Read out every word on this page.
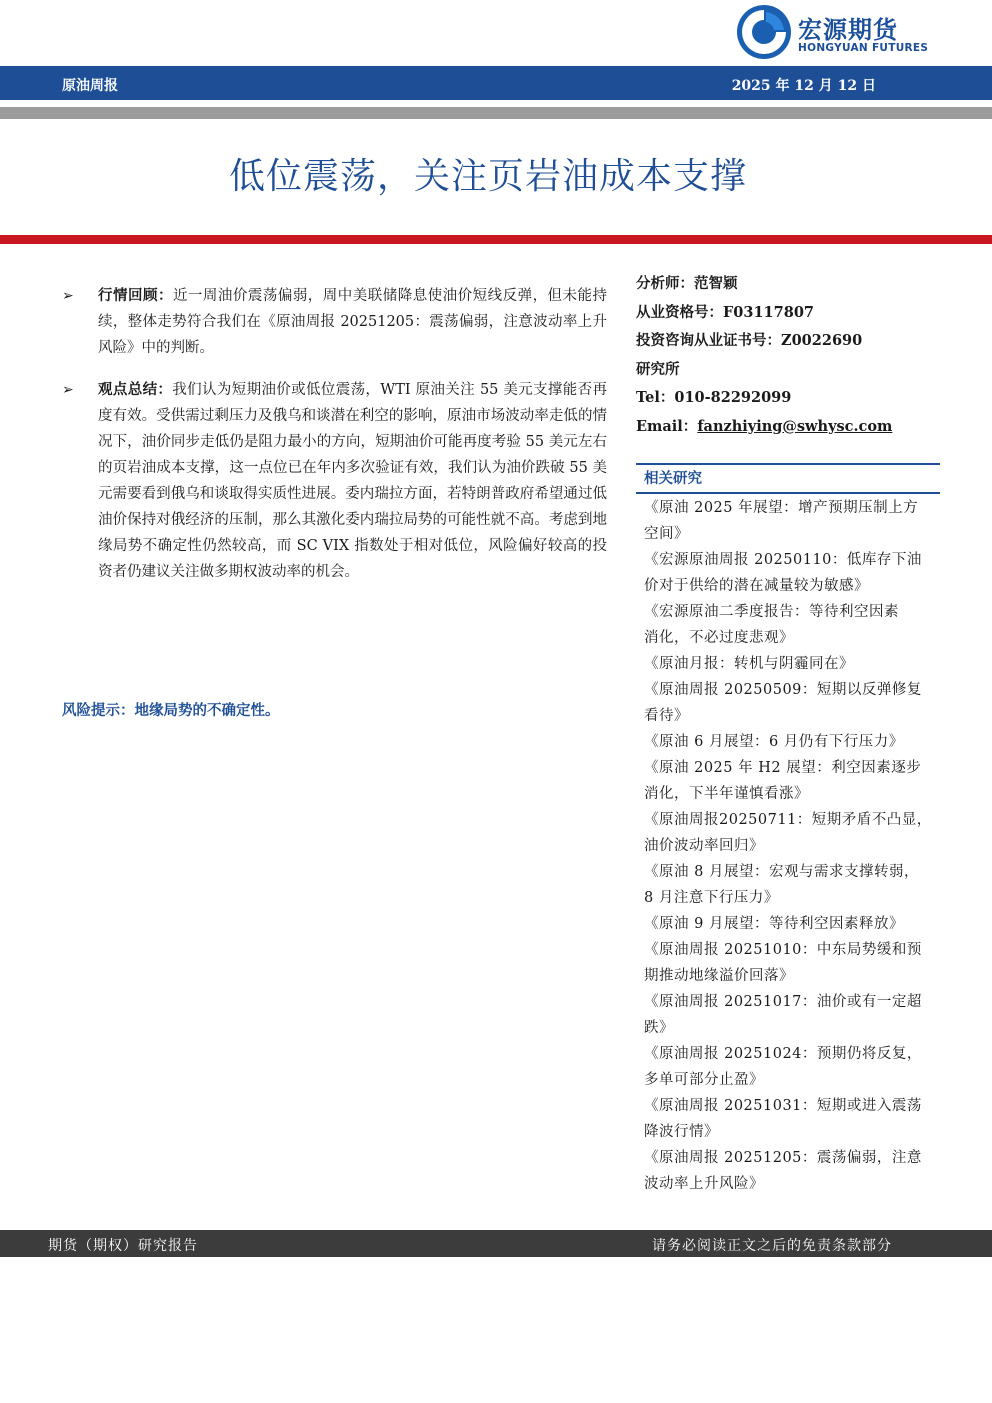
宏源期货
HONGYUAN FUTURES
原油周报	2025 年 12 月 12 日
低位震荡，关注页岩油成本支撑
➢ 行情回顾：近一周油价震荡偏弱，周中美联储降息使油价短线反弹，但未能持续，整体走势符合我们在《原油周报 20251205：震荡偏弱，注意波动率上升风险》中的判断。
➢ 观点总结：我们认为短期油价或低位震荡，WTI 原油关注 55 美元支撑能否再度有效。受供需过剩压力及俄乌和谈潜在利空的影响，原油市场波动率走低的情况下，油价同步走低仍是阻力最小的方向，短期油价可能再度考验 55 美元左右的页岩油成本支撑，这一点位已在年内多次验证有效，我们认为油价跌破 55 美元需要看到俄乌和谈取得实质性进展。委内瑞拉方面，若特朗普政府希望通过低油价保持对俄经济的压制，那么其激化委内瑞拉局势的可能性就不高。考虑到地缘局势不确定性仍然较高，而 SC VIX 指数处于相对低位，风险偏好较高的投资者仍建议关注做多期权波动率的机会。
风险提示：地缘局势的不确定性。
分析师：范智颖
从业资格号：F03117807
投资咨询从业证书号：Z0022690
研究所
Tel：010-82292099
Email：fanzhiying@swhysc.com
相关研究
《原油 2025 年展望：增产预期压制上方
空间》
《宏源原油周报 20250110：低库存下油
价对于供给的潜在减量较为敏感》
《宏源原油二季度报告：等待利空因素
消化，不必过度悲观》
《原油月报：转机与阴霾同在》
《原油周报 20250509：短期以反弹修复
看待》
《原油 6 月展望：6 月仍有下行压力》
《原油 2025 年 H2 展望：利空因素逐步
消化，下半年谨慎看涨》
《原油周报20250711：短期矛盾不凸显，
油价波动率回归》
《原油 8 月展望：宏观与需求支撑转弱，
8 月注意下行压力》
《原油 9 月展望：等待利空因素释放》
《原油周报 20251010：中东局势缓和预
期推动地缘溢价回落》
《原油周报 20251017：油价或有一定超
跌》
《原油周报 20251024：预期仍将反复，
多单可部分止盈》
《原油周报 20251031：短期或进入震荡
降波行情》
《原油周报 20251205：震荡偏弱，注意
波动率上升风险》
期货（期权）研究报告	请务必阅读正文之后的免责条款部分
